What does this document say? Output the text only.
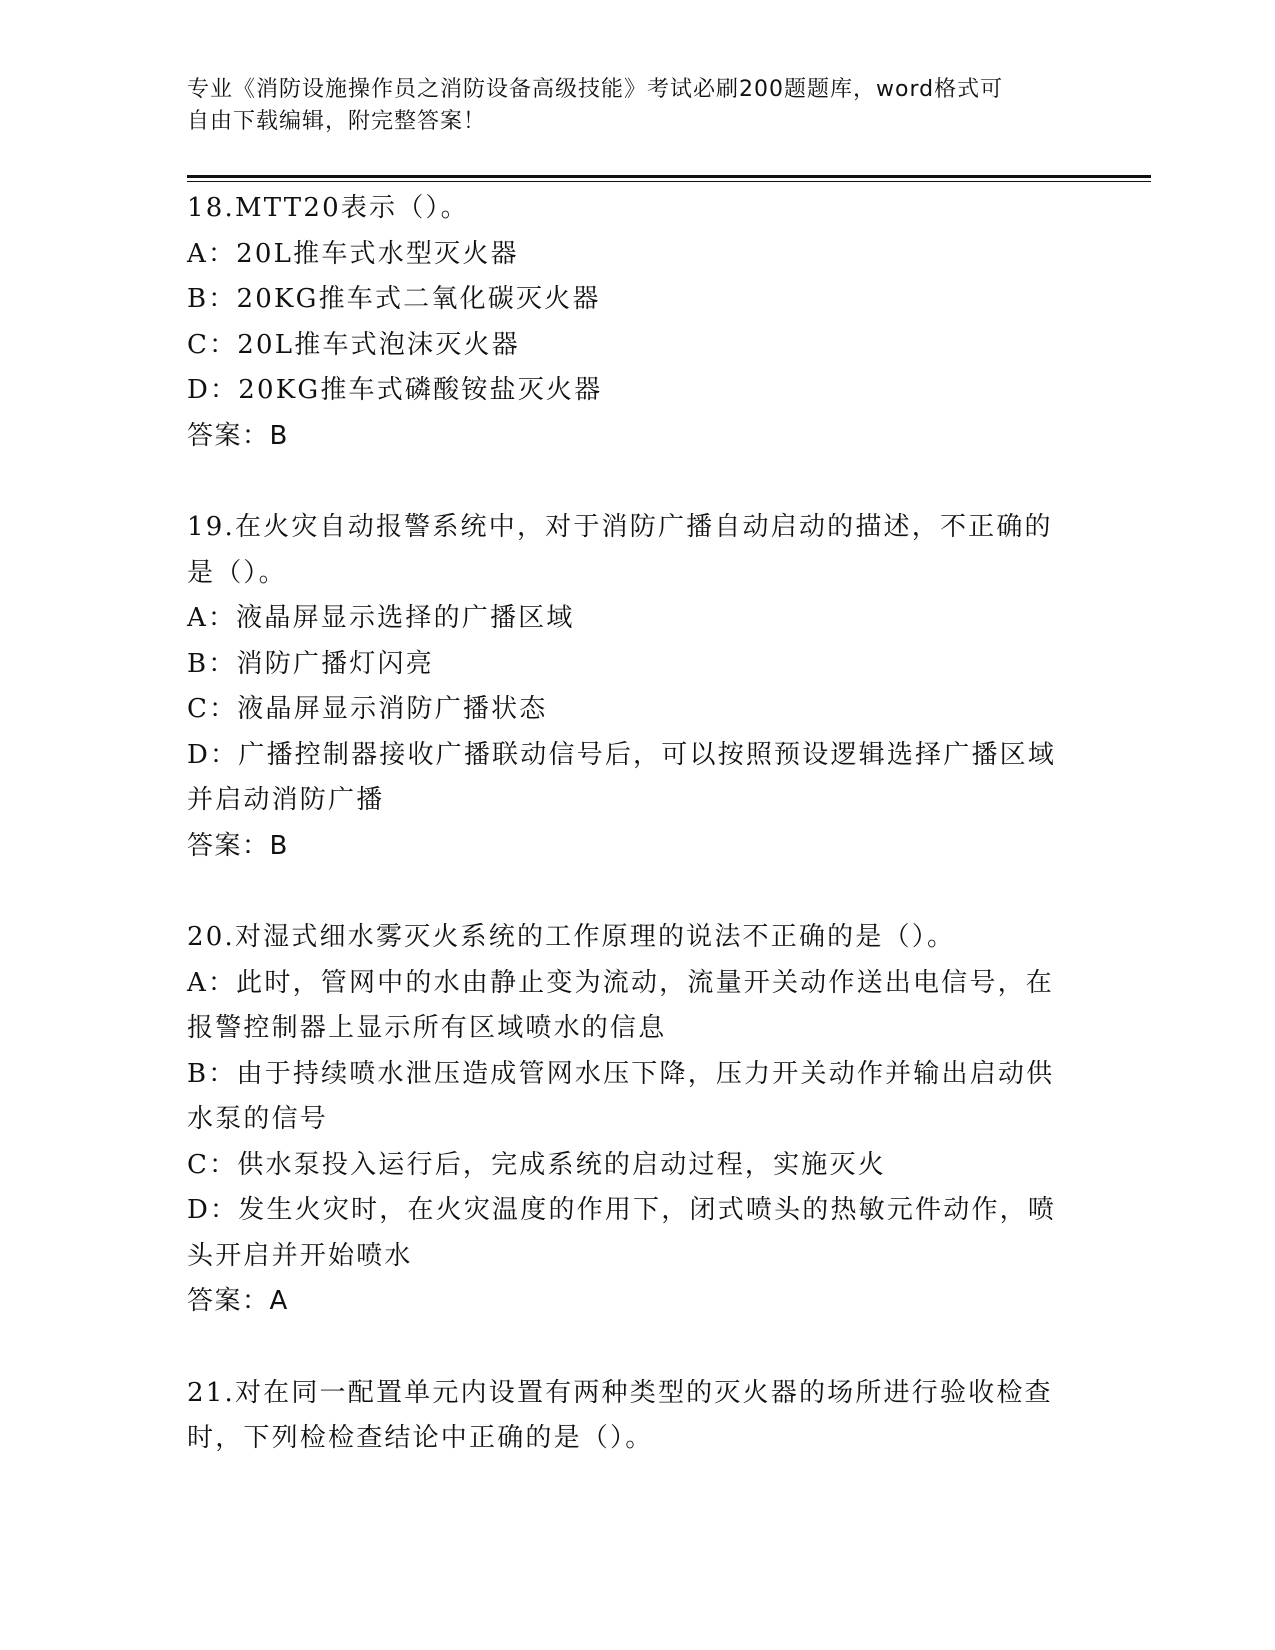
专业《消防设施操作员之消防设备高级技能》考试必刷200题题库，word格式可
自由下载编辑，附完整答案！
18.MTT20表示（）。
A：20L推车式水型灭火器
B：20KG推车式二氧化碳灭火器
C：20L推车式泡沫灭火器
D：20KG推车式磷酸铵盐灭火器
答案：B
19.在火灾自动报警系统中，对于消防广播自动启动的描述，不正确的
是（）。
A：液晶屏显示选择的广播区域
B：消防广播灯闪亮
C：液晶屏显示消防广播状态
D：广播控制器接收广播联动信号后，可以按照预设逻辑选择广播区域
并启动消防广播
答案：B
20.对湿式细水雾灭火系统的工作原理的说法不正确的是（）。
A：此时，管网中的水由静止变为流动，流量开关动作送出电信号，在
报警控制器上显示所有区域喷水的信息
B：由于持续喷水泄压造成管网水压下降，压力开关动作并输出启动供
水泵的信号
C：供水泵投入运行后，完成系统的启动过程，实施灭火
D：发生火灾时，在火灾温度的作用下，闭式喷头的热敏元件动作，喷
头开启并开始喷水
答案：A
21.对在同一配置单元内设置有两种类型的灭火器的场所进行验收检查
时，下列检检查结论中正确的是（）。
